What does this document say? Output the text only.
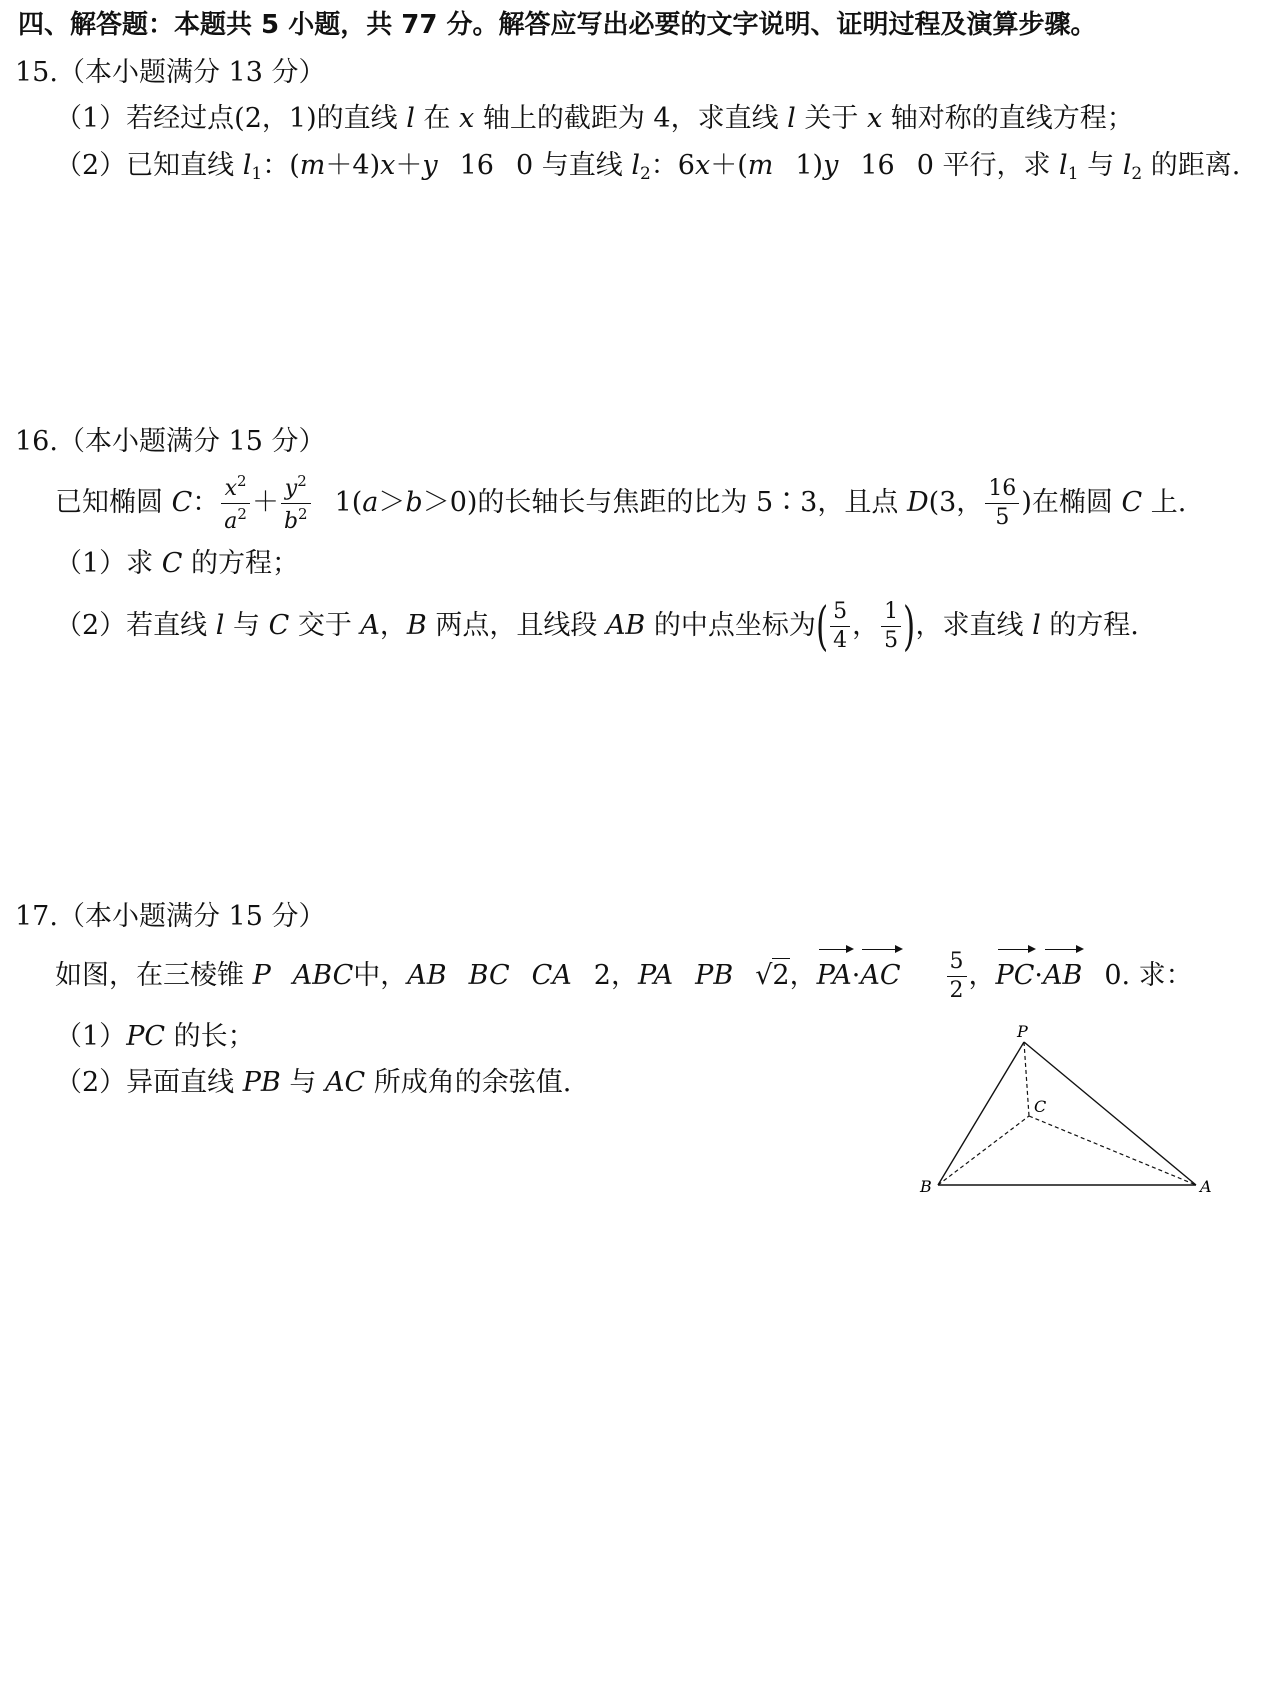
四、解答题：本题共 5 小题，共 77 分。解答应写出必要的文字说明、证明过程及演算步骤。
15.（本小题满分 13 分）
（1）若经过点(2，1)的直线 l 在 x 轴上的截距为 4，求直线 l 关于 x 轴对称的直线方程；
（2）已知直线 $l_1$：(m＋4)x＋y 16 0 与直线 $l_2$：6x＋(m 1)y 16 0 平行，求 $l_1$ 与 $l_2$ 的距离.
16.（本小题满分 15 分）
已知椭圆 C： $\frac{x^2}{a^2} + \frac{y^2}{b^2} 1(a>b>0)$的长轴长与焦距的比为 5∶3，且点 D(3， $\frac{16}{5}$ )在椭圆 C 上.
（1）求 C 的方程；
（2）若直线 l 与 C 交于 A，B 两点，且线段 AB 的中点坐标为( $\frac{5}{4}$ ， $\frac{1}{5}$ )，求直线 l 的方程.
17.（本小题满分 15 分）
如图，在三棱锥 P ABC中，AB BC CA 2，PA PB √2，$PA\cdot AC \frac{5}{2}$ ，PC·AB 0. 求：
（1）PC 的长；
（2）异面直线 PB 与 AC 所成角的余弦值.
P
C
B	A
